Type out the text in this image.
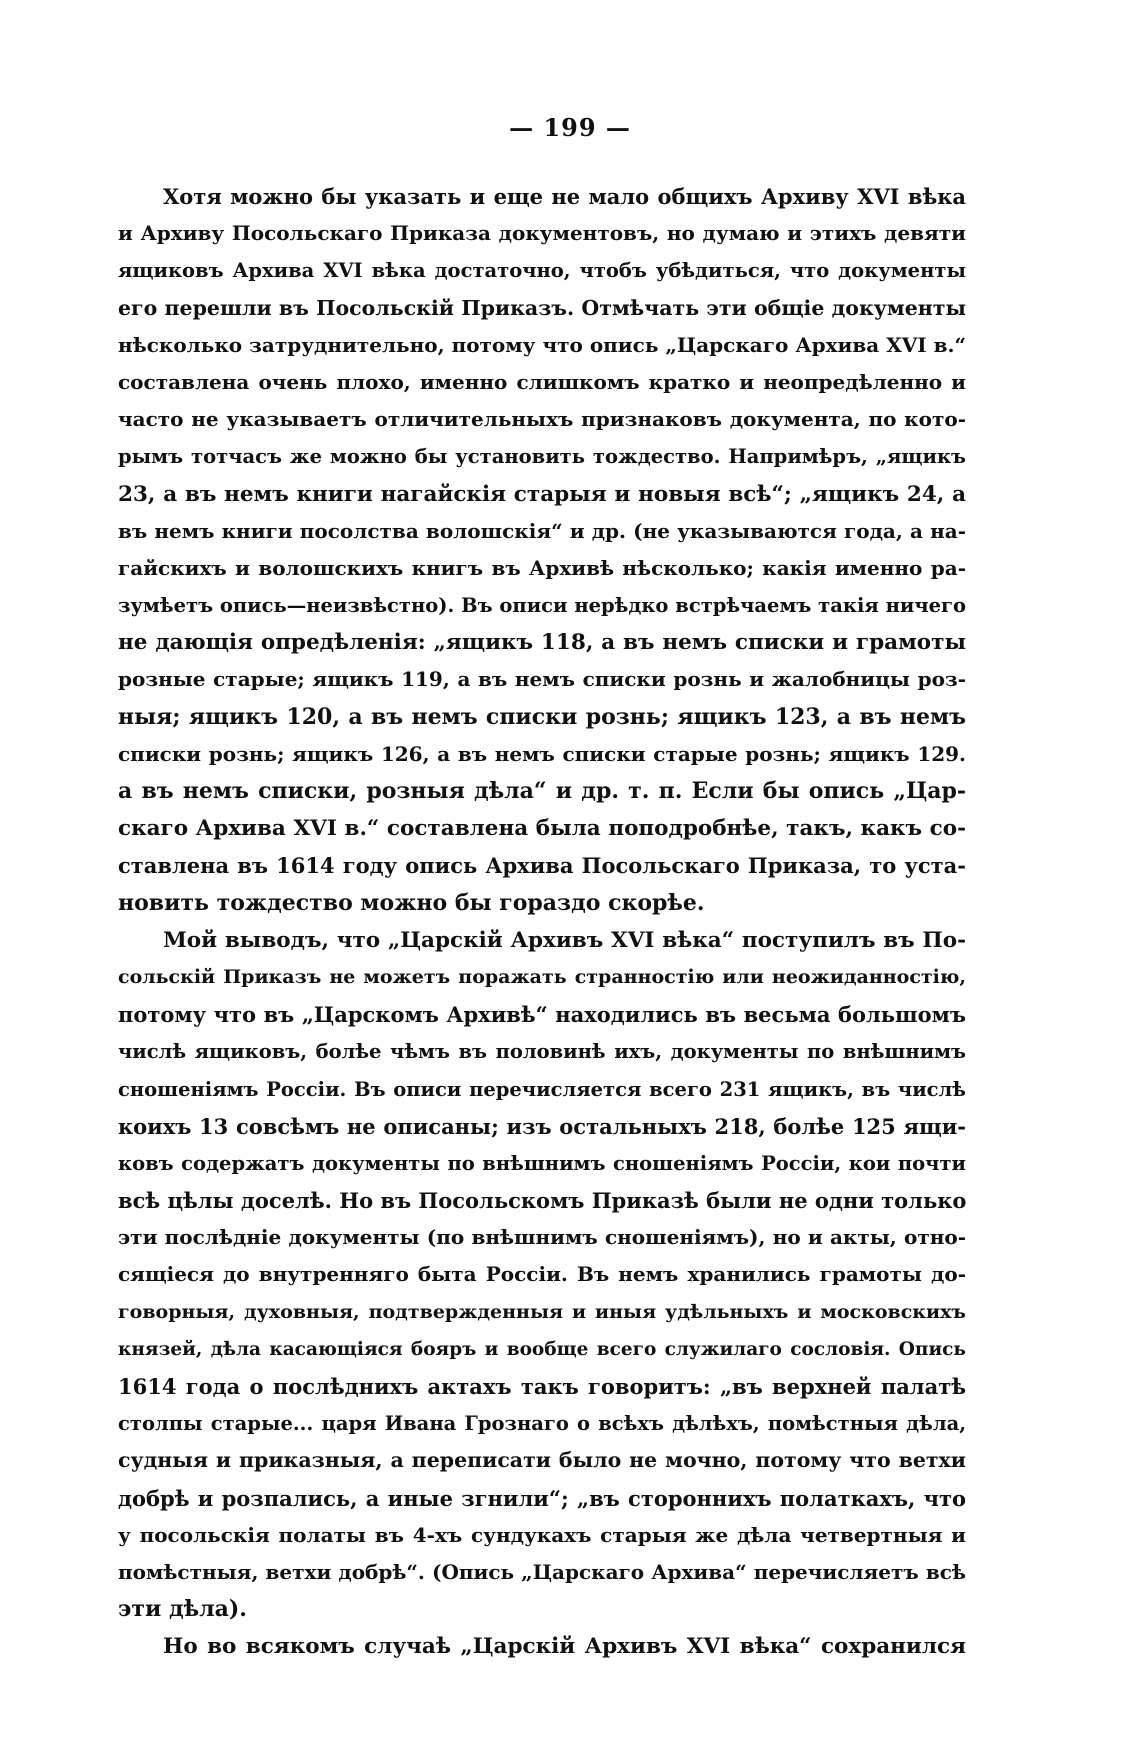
— 199 —
Хотя можно бы указать и еще не мало общихъ Архиву XVI вѣка
и Архиву Посольскаго Приказа документовъ, но думаю и этихъ девяти
ящиковъ Архива XVI вѣка достаточно, чтобъ убѣдиться, что документы
его перешли въ Посольскій Приказъ. Отмѣчать эти общіе документы
нѣсколько затруднительно, потому что опись „Царскаго Архива XVI в.“
составлена очень плохо, именно слишкомъ кратко и неопредѣленно и
часто не указываетъ отличительныхъ признаковъ документа, по кото-
рымъ тотчасъ же можно бы установить тождество. Напримѣръ, „ящикъ
23, а въ немъ книги нагайскія старыя и новыя всѣ“; „ящикъ 24, а
въ немъ книги посолства волошскія“ и др. (не указываются года, а на-
гайскихъ и волошскихъ книгъ въ Архивѣ нѣсколько; какія именно ра-
зумѣетъ опись—неизвѣстно). Въ описи нерѣдко встрѣчаемъ такія ничего
не дающія опредѣленія: „ящикъ 118, а въ немъ списки и грамоты
розные старые; ящикъ 119, а въ немъ списки рознь и жалобницы роз-
ныя; ящикъ 120, а въ немъ списки рознь; ящикъ 123, а въ немъ
списки рознь; ящикъ 126, а въ немъ списки старые рознь; ящикъ 129.
а въ немъ списки, розныя дѣла“ и др. т. п. Если бы опись „Цар-
скаго Архива XVI в.“ составлена была поподробнѣе, такъ, какъ со-
ставлена въ 1614 году опись Архива Посольскаго Приказа, то уста-
новить тождество можно бы гораздо скорѣе.
Мой выводъ, что „Царскій Архивъ XVI вѣка“ поступилъ въ По-
сольскій Приказъ не можетъ поражать странностію или неожиданностію,
потому что въ „Царскомъ Архивѣ“ находились въ весьма большомъ
числѣ ящиковъ, болѣе чѣмъ въ половинѣ ихъ, документы по внѣшнимъ
сношеніямъ Россіи. Въ описи перечисляется всего 231 ящикъ, въ числѣ
коихъ 13 совсѣмъ не описаны; изъ остальныхъ 218, болѣе 125 ящи-
ковъ содержатъ документы по внѣшнимъ сношеніямъ Россіи, кои почти
всѣ цѣлы доселѣ. Но въ Посольскомъ Приказѣ были не одни только
эти послѣдніе документы (по внѣшнимъ сношеніямъ), но и акты, отно-
сящіеся до внутренняго быта Россіи. Въ немъ хранились грамоты до-
говорныя, духовныя, подтвержденныя и иныя удѣльныхъ и московскихъ
князей, дѣла касающіяся бояръ и вообще всего служилаго сословія. Опись
1614 года о послѣднихъ актахъ такъ говоритъ: „въ верхней палатѣ
столпы старые... царя Ивана Грознаго о всѣхъ дѣлѣхъ, помѣстныя дѣла,
судныя и приказныя, а переписати было не мочно, потому что ветхи
добрѣ и розпались, а иные згнили“; „въ сторонниxъ полаткахъ, что
у посольскія полаты въ 4-хъ сундукахъ старыя же дѣла четвертныя и
помѣстныя, ветхи добрѣ“. (Опись „Царскаго Архива“ перечисляетъ всѣ
эти дѣла).
Но во всякомъ случаѣ „Царскій Архивъ XVI вѣка“ сохранился
